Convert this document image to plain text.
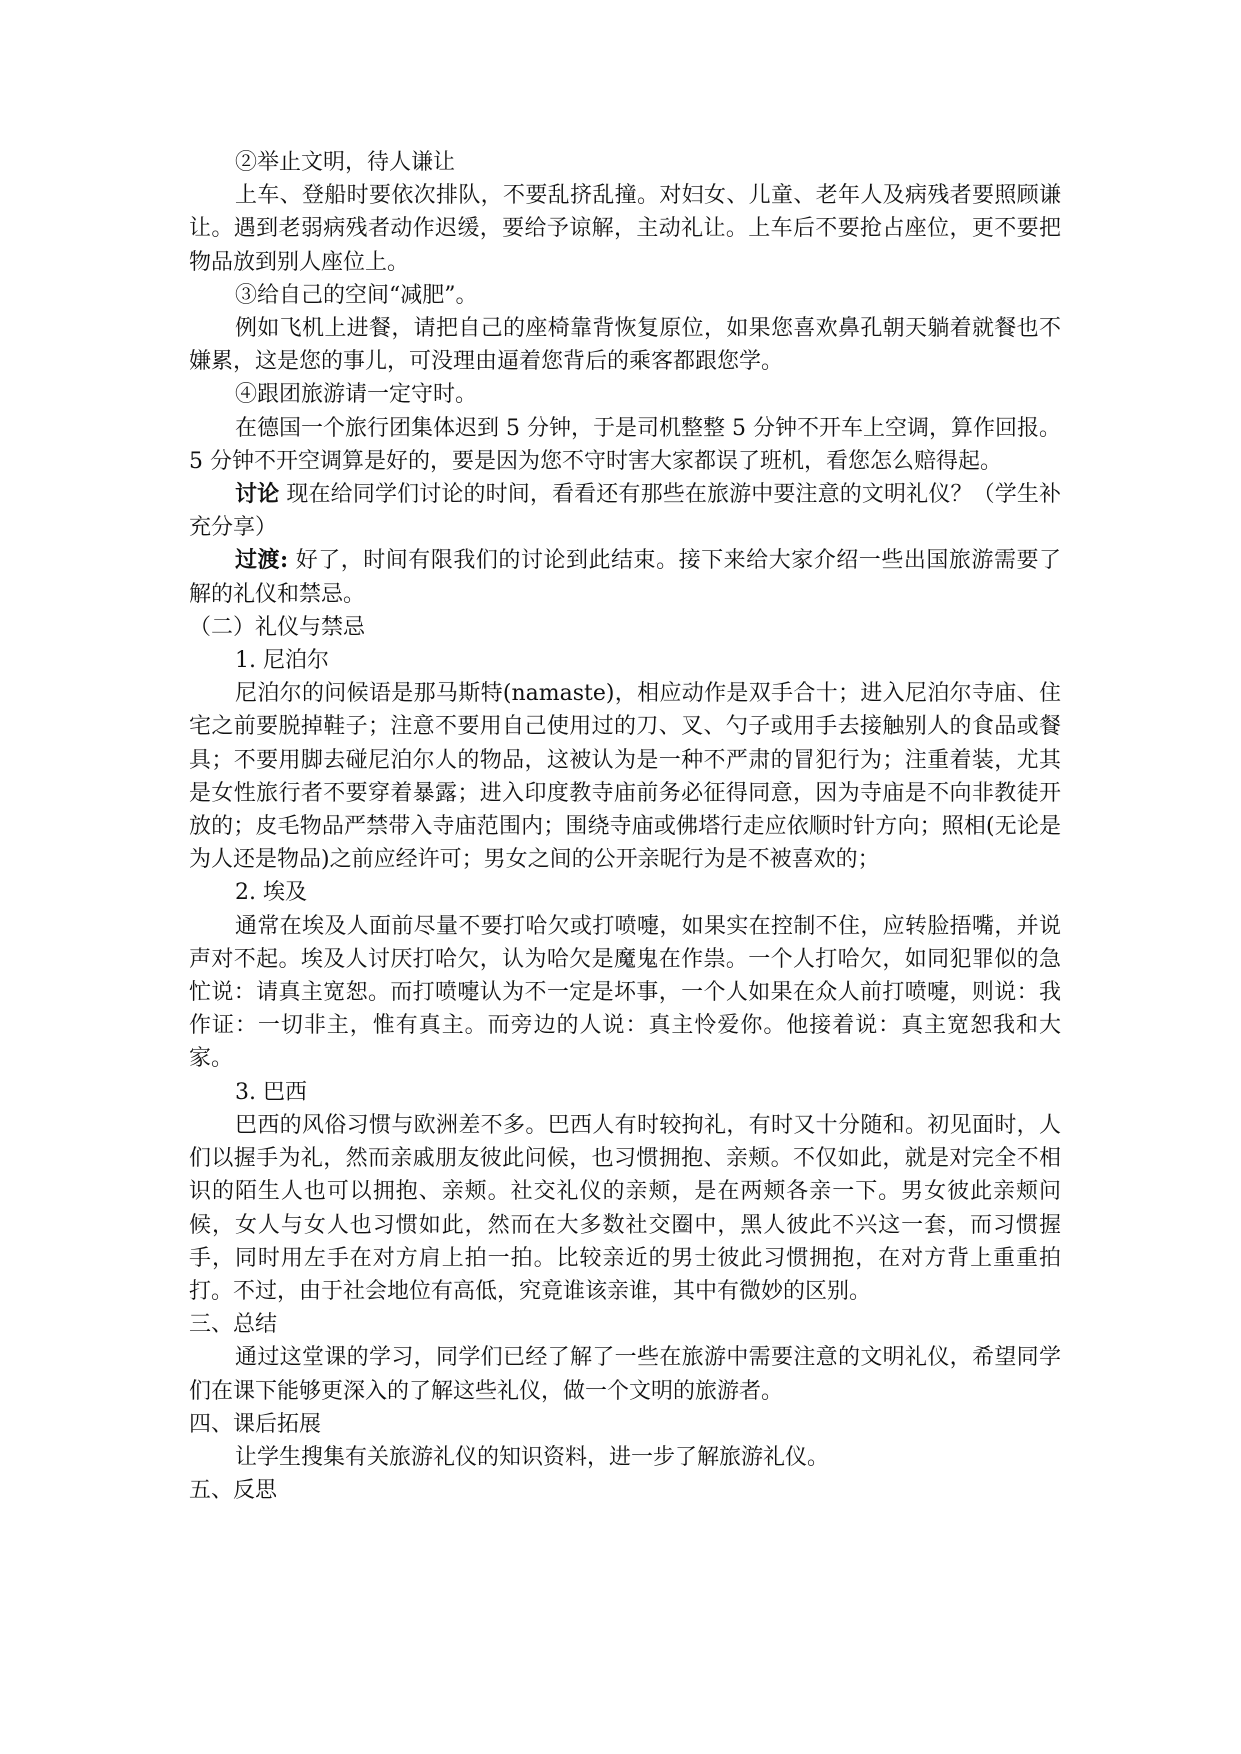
②举止文明，待人谦让

上车、登船时要依次排队，不要乱挤乱撞。对妇女、儿童、老年人及病残者要照顾谦让。遇到老弱病残者动作迟缓，要给予谅解，主动礼让。上车后不要抢占座位，更不要把物品放到别人座位上。

③给自己的空间“减肥”。

例如飞机上进餐，请把自己的座椅靠背恢复原位，如果您喜欢鼻孔朝天躺着就餐也不嫌累，这是您的事儿，可没理由逼着您背后的乘客都跟您学。

④跟团旅游请一定守时。

在德国一个旅行团集体迟到 5 分钟，于是司机整整 5 分钟不开车上空调，算作回报。5 分钟不开空调算是好的，要是因为您不守时害大家都误了班机，看您怎么赔得起。

讨论 现在给同学们讨论的时间，看看还有那些在旅游中要注意的文明礼仪？（学生补充分享）

过渡: 好了，时间有限我们的讨论到此结束。接下来给大家介绍一些出国旅游需要了解的礼仪和禁忌。

（二）礼仪与禁忌

1. 尼泊尔

尼泊尔的问候语是那马斯特(namaste)，相应动作是双手合十；进入尼泊尔寺庙、住宅之前要脱掉鞋子；注意不要用自己使用过的刀、叉、勺子或用手去接触别人的食品或餐具；不要用脚去碰尼泊尔人的物品，这被认为是一种不严肃的冒犯行为；注重着装，尤其是女性旅行者不要穿着暴露；进入印度教寺庙前务必征得同意，因为寺庙是不向非教徒开放的；皮毛物品严禁带入寺庙范围内；围绕寺庙或佛塔行走应依顺时针方向；照相(无论是为人还是物品)之前应经许可；男女之间的公开亲昵行为是不被喜欢的；

2. 埃及

通常在埃及人面前尽量不要打哈欠或打喷嚏，如果实在控制不住，应转脸捂嘴，并说声对不起。埃及人讨厌打哈欠，认为哈欠是魔鬼在作祟。一个人打哈欠，如同犯罪似的急忙说：请真主宽恕。而打喷嚏认为不一定是坏事，一个人如果在众人前打喷嚏，则说：我作证：一切非主，惟有真主。而旁边的人说：真主怜爱你。他接着说：真主宽恕我和大家。

3. 巴西

巴西的风俗习惯与欧洲差不多。巴西人有时较拘礼，有时又十分随和。初见面时，人们以握手为礼，然而亲戚朋友彼此问候，也习惯拥抱、亲颊。不仅如此，就是对完全不相识的陌生人也可以拥抱、亲颊。社交礼仪的亲颊，是在两颊各亲一下。男女彼此亲颊问候，女人与女人也习惯如此，然而在大多数社交圈中，黑人彼此不兴这一套，而习惯握手，同时用左手在对方肩上拍一拍。比较亲近的男士彼此习惯拥抱，在对方背上重重拍打。不过，由于社会地位有高低，究竟谁该亲谁，其中有微妙的区别。

三、总结

通过这堂课的学习，同学们已经了解了一些在旅游中需要注意的文明礼仪，希望同学们在课下能够更深入的了解这些礼仪，做一个文明的旅游者。

四、课后拓展

让学生搜集有关旅游礼仪的知识资料，进一步了解旅游礼仪。

五、反思
